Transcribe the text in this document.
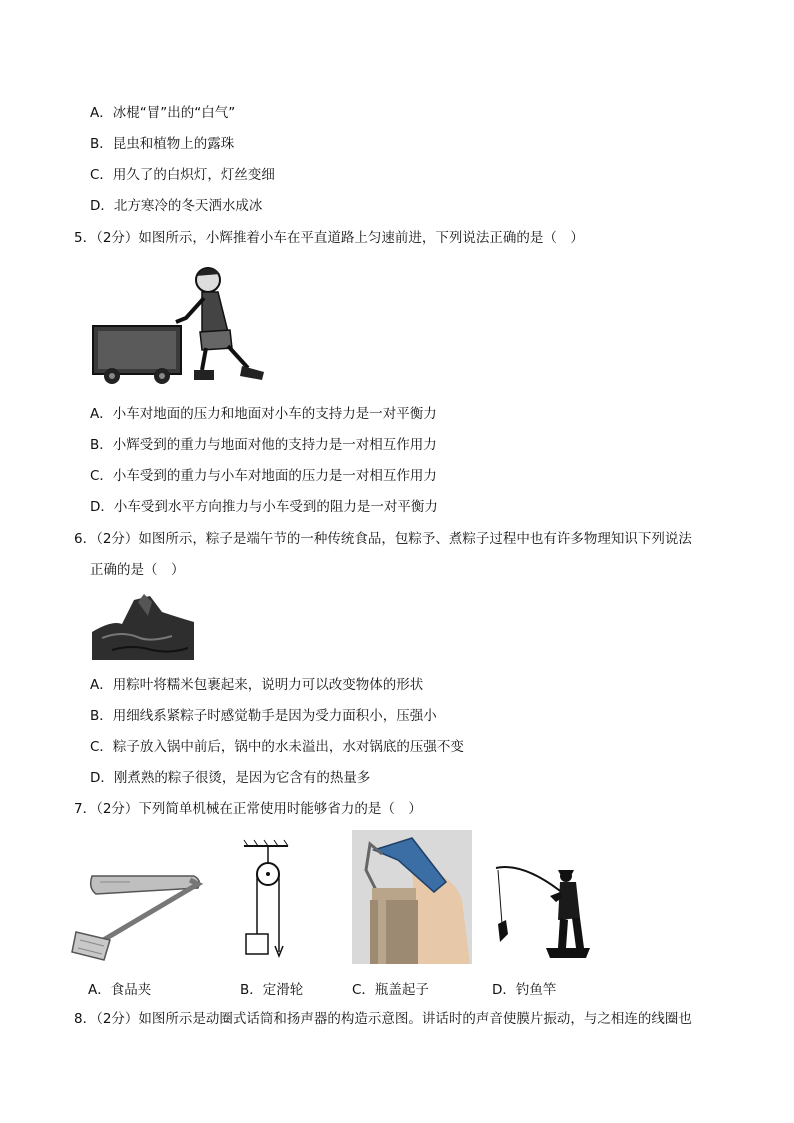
A．冰棍“冒”出的“白气”
B．昆虫和植物上的露珠
C．用久了的白炽灯，灯丝变细
D．北方寒冷的冬天洒水成冰
5．（2分）如图所示，小辉推着小车在平直道路上匀速前进，下列说法正确的是（　）
A．小车对地面的压力和地面对小车的支持力是一对平衡力
B．小辉受到的重力与地面对他的支持力是一对相互作用力
C．小车受到的重力与小车对地面的压力是一对相互作用力
D．小车受到水平方向推力与小车受到的阻力是一对平衡力
6．（2分）如图所示，粽子是端午节的一种传统食品，包粽予、煮粽子过程中也有许多物理知识下列说法
正确的是（　）
A．用粽叶将糯米包裹起来，说明力可以改变物体的形状
B．用细线系紧粽子时感觉勒手是因为受力面积小，压强小
C．粽子放入锅中前后，锅中的水未溢出，水对锅底的压强不变
D．刚煮熟的粽子很烫，是因为它含有的热量多
7．（2分）下列简单机械在正常使用时能够省力的是（　）
A．食品夹	B．定滑轮	C．瓶盖起子	D．钓鱼竿
8．（2分）如图所示是动圈式话筒和扬声器的构造示意图。讲话时的声音使膜片振动，与之相连的线圈也
